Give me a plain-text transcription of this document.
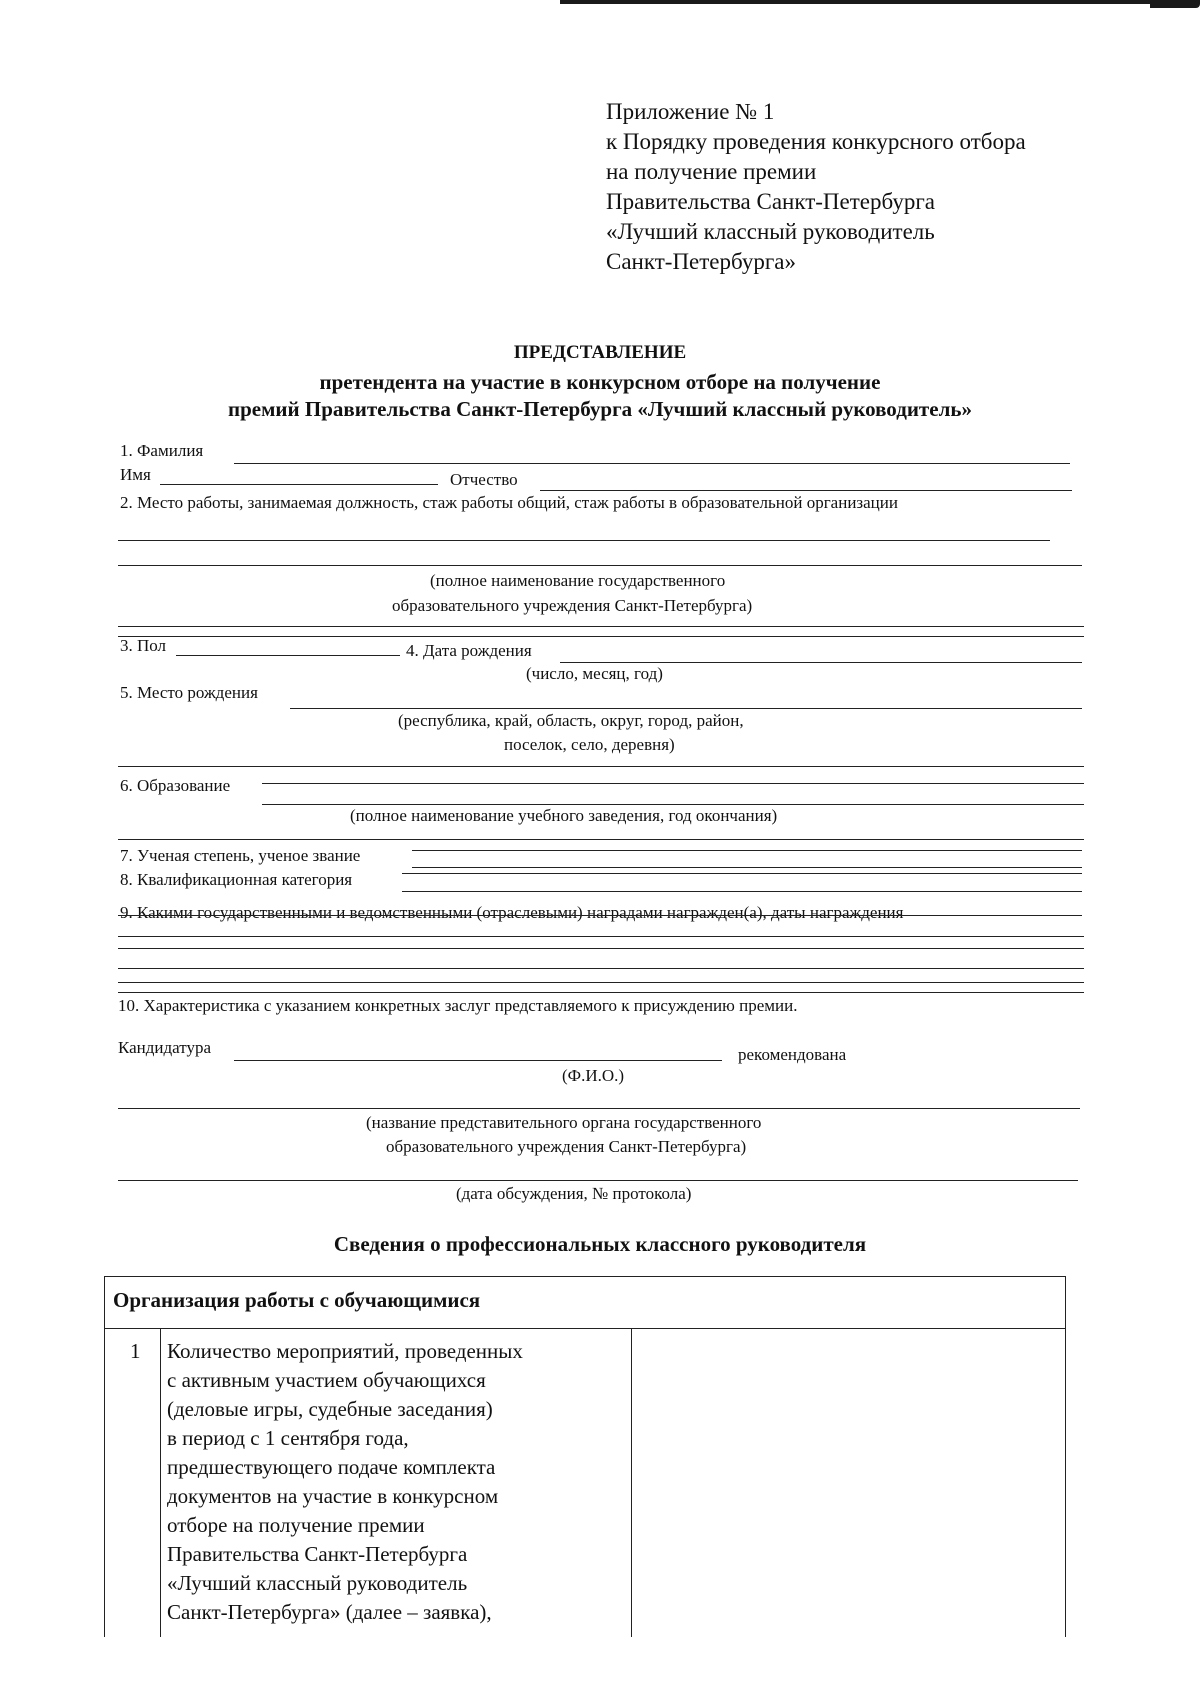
Приложение № 1
к Порядку проведения конкурсного отбора
на получение премии
Правительства Санкт-Петербурга
«Лучший классный руководитель
Санкт-Петербурга»
ПРЕДСТАВЛЕНИЕ
претендента на участие в конкурсном отборе на получение
премий Правительства Санкт-Петербурга «Лучший классный руководитель»
1. Фамилия
Имя	Отчество
2. Место работы, занимаемая должность, стаж работы общий, стаж работы в образовательной организации
(полное наименование государственного
образовательного учреждения Санкт-Петербурга)
3. Пол	4. Дата рождения
(число, месяц, год)
5. Место рождения
(республика, край, область, округ, город, район,
поселок, село, деревня)
6. Образование
(полное наименование учебного заведения, год окончания)
7. Ученая степень, ученое звание
8. Квалификационная категория
9. Какими государственными и ведомственными (отраслевыми) наградами награжден(а), даты награждения
10. Характеристика с указанием конкретных заслуг представляемого к присуждению премии.
Кандидатура	рекомендована
(Ф.И.О.)
(название представительного органа государственного
образовательного учреждения Санкт-Петербурга)
(дата обсуждения, № протокола)
Сведения о профессиональных классного руководителя
Организация работы с обучающимися
1 Количество мероприятий, проведенных
с активным участием обучающихся
(деловые игры, судебные заседания)
в период с 1 сентября года,
предшествующего подаче комплекта
документов на участие в конкурсном
отборе на получение премии
Правительства Санкт-Петербурга
«Лучший классный руководитель
Санкт-Петербурга» (далее – заявка),
